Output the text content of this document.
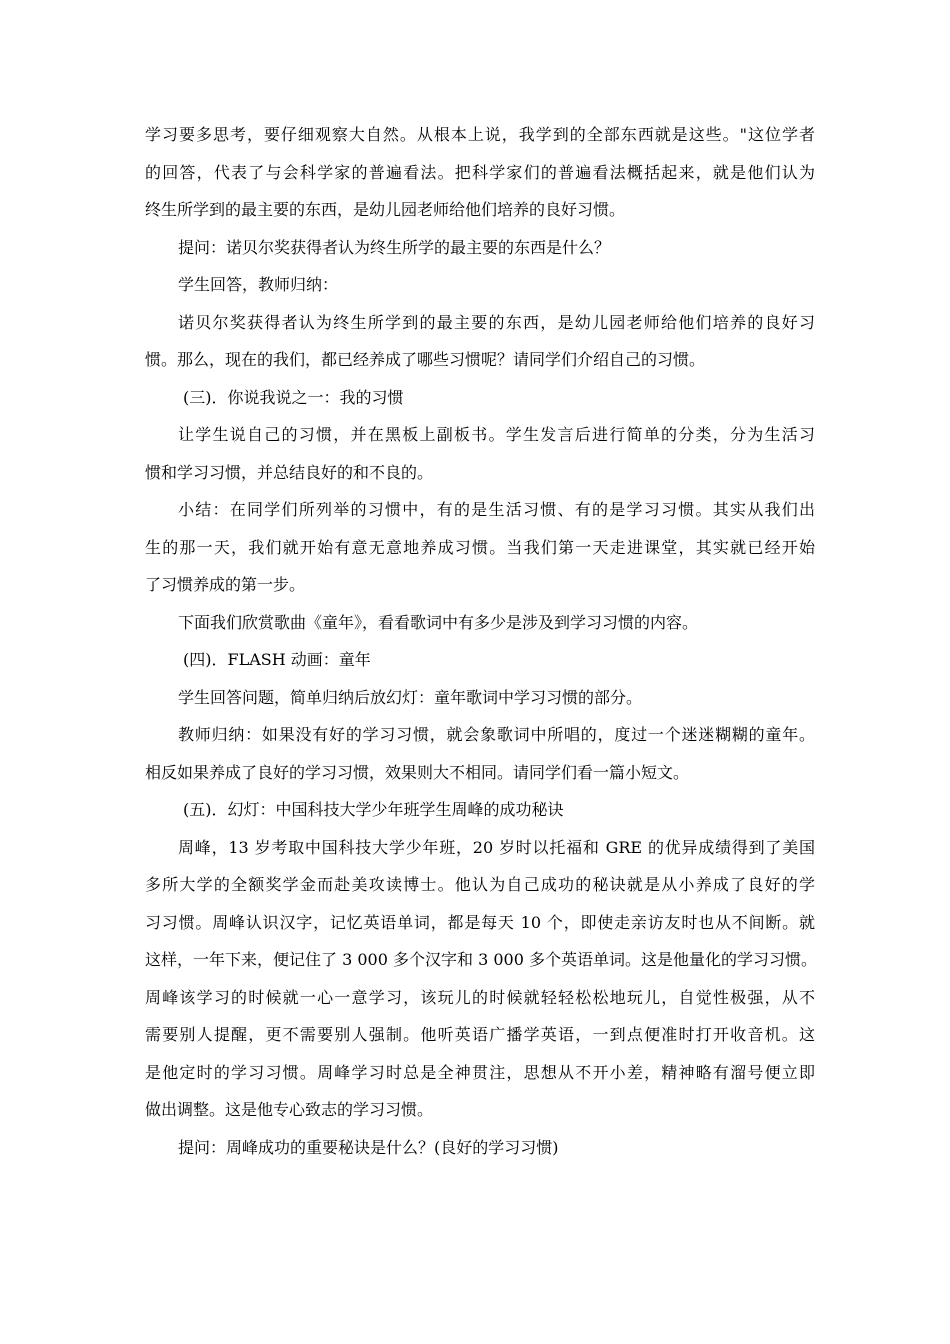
学习要多思考，要仔细观察大自然。从根本上说，我学到的全部东西就是这些。"这位学者
的回答，代表了与会科学家的普遍看法。把科学家们的普遍看法概括起来，就是他们认为
终生所学到的最主要的东西，是幼儿园老师给他们培养的良好习惯。
提问：诺贝尔奖获得者认为终生所学的最主要的东西是什么？
学生回答，教师归纳：
诺贝尔奖获得者认为终生所学到的最主要的东西，是幼儿园老师给他们培养的良好习
惯。那么，现在的我们，都已经养成了哪些习惯呢？请同学们介绍自己的习惯。
(三)．你说我说之一：我的习惯
让学生说自己的习惯，并在黑板上副板书。学生发言后进行简单的分类，分为生活习
惯和学习习惯，并总结良好的和不良的。
小结：在同学们所列举的习惯中，有的是生活习惯、有的是学习习惯。其实从我们出
生的那一天，我们就开始有意无意地养成习惯。当我们第一天走进课堂，其实就已经开始
了习惯养成的第一步。
下面我们欣赏歌曲《童年》，看看歌词中有多少是涉及到学习习惯的内容。
(四)．FLASH 动画：童年
学生回答问题，简单归纳后放幻灯：童年歌词中学习习惯的部分。
教师归纳：如果没有好的学习习惯，就会象歌词中所唱的，度过一个迷迷糊糊的童年。
相反如果养成了良好的学习习惯，效果则大不相同。请同学们看一篇小短文。
(五)．幻灯：中国科技大学少年班学生周峰的成功秘诀
周峰，13 岁考取中国科技大学少年班，20 岁时以托福和 GRE 的优异成绩得到了美国
多所大学的全额奖学金而赴美攻读博士。他认为自己成功的秘诀就是从小养成了良好的学
习习惯。周峰认识汉字，记忆英语单词，都是每天 10 个，即使走亲访友时也从不间断。就
这样，一年下来，便记住了 3 000 多个汉字和 3 000 多个英语单词。这是他量化的学习习惯。
周峰该学习的时候就一心一意学习，该玩儿的时候就轻轻松松地玩儿，自觉性极强，从不
需要别人提醒，更不需要别人强制。他听英语广播学英语，一到点便准时打开收音机。这
是他定时的学习习惯。周峰学习时总是全神贯注，思想从不开小差，精神略有溜号便立即
做出调整。这是他专心致志的学习习惯。
提问：周峰成功的重要秘诀是什么？(良好的学习习惯)
